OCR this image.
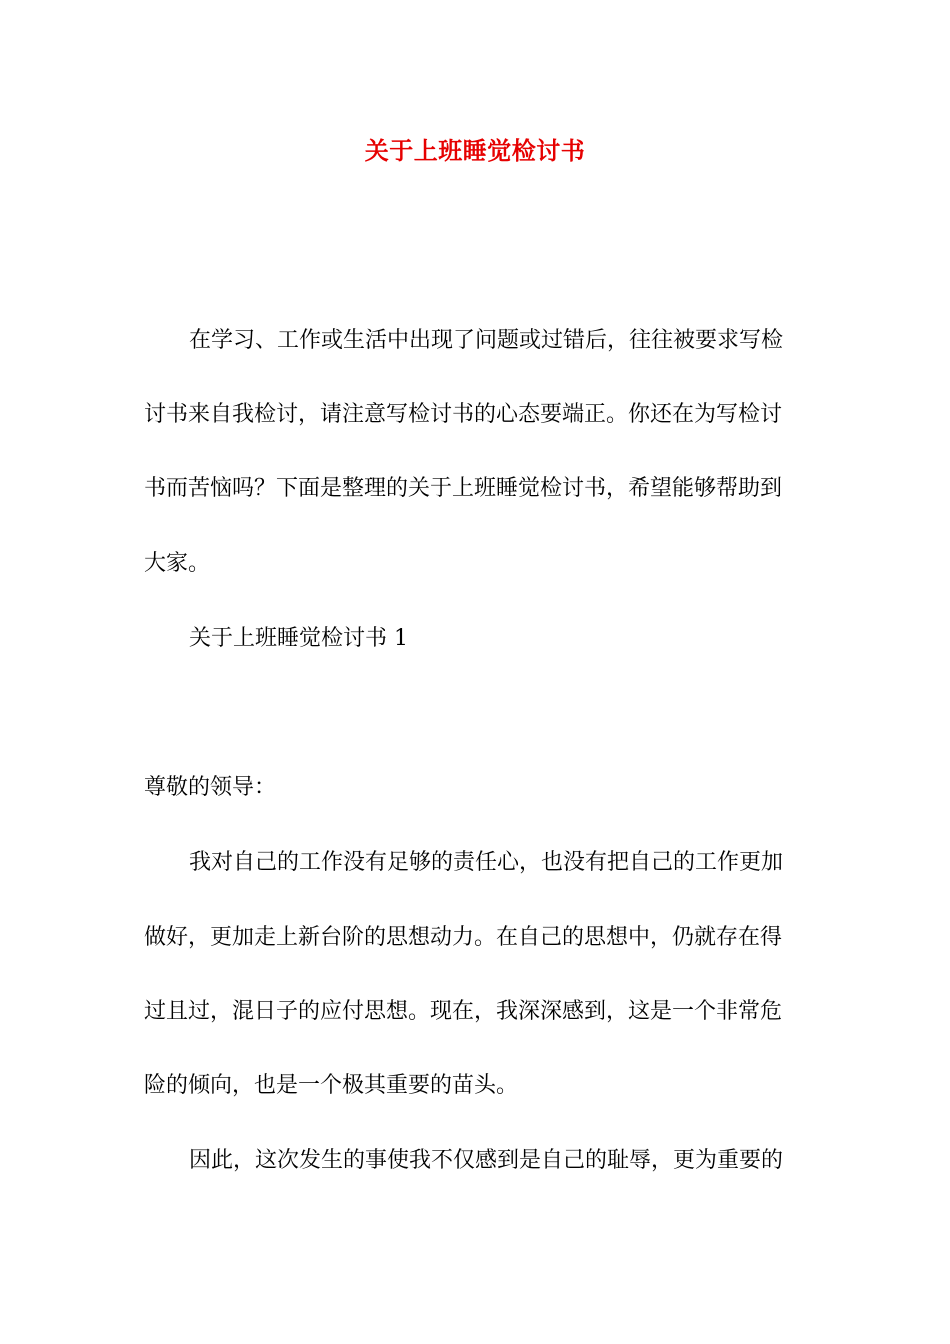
关于上班睡觉检讨书
在学习、工作或生活中出现了问题或过错后，往往被要求写检
讨书来自我检讨，请注意写检讨书的心态要端正。你还在为写检讨
书而苦恼吗？下面是整理的关于上班睡觉检讨书，希望能够帮助到
大家。
关于上班睡觉检讨书 1
尊敬的领导：
我对自己的工作没有足够的责任心，也没有把自己的工作更加
做好，更加走上新台阶的思想动力。在自己的思想中，仍就存在得
过且过，混日子的应付思想。现在，我深深感到，这是一个非常危
险的倾向，也是一个极其重要的苗头。
因此，这次发生的事使我不仅感到是自己的耻辱，更为重要的
